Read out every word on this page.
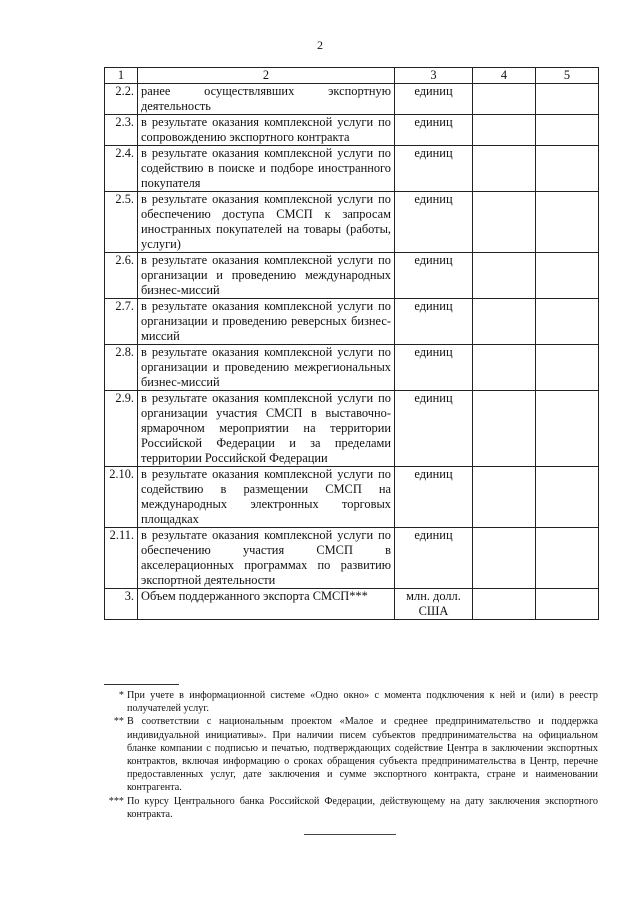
2
1	2	3	4	5
2.2.	ранее осуществлявших экспортную деятельность	единиц		
2.3.	в результате оказания комплексной услуги по сопровождению экспортного контракта	единиц		
2.4.	в результате оказания комплексной услуги по содействию в поиске и подборе иностранного покупателя	единиц		
2.5.	в результате оказания комплексной услуги по обеспечению доступа СМСП к запросам иностранных покупателей на товары (работы, услуги)	единиц		
2.6.	в результате оказания комплексной услуги по организации и проведению международных бизнес-миссий	единиц		
2.7.	в результате оказания комплексной услуги по организации и проведению реверсных бизнес-миссий	единиц		
2.8.	в результате оказания комплексной услуги по организации и проведению межрегиональных бизнес-миссий	единиц		
2.9.	в результате оказания комплексной услуги по организации участия СМСП в выставочно-ярмарочном мероприятии на территории Российской Федерации и за пределами территории Российской Федерации	единиц		
2.10.	в результате оказания комплексной услуги по содействию в размещении СМСП на международных электронных торговых площадках	единиц		
2.11.	в результате оказания комплексной услуги по обеспечению участия СМСП в акселерационных программах по развитию экспортной деятельности	единиц		
3.	Объем поддержанного экспорта СМСП***	млн. долл. США		
* При учете в информационной системе «Одно окно» с момента подключения к ней и (или) в реестр получателей услуг.
** В соответствии с национальным проектом «Малое и среднее предпринимательство и поддержка индивидуальной инициативы». При наличии писем субъектов предпринимательства на официальном бланке компании с подписью и печатью, подтверждающих содействие Центра в заключении экспортных контрактов, включая информацию о сроках обращения субъекта предпринимательства в Центр, перечне предоставленных услуг, дате заключения и сумме экспортного контракта, стране и наименовании контрагента.
*** По курсу Центрального банка Российской Федерации, действующему на дату заключения экспортного контракта.
